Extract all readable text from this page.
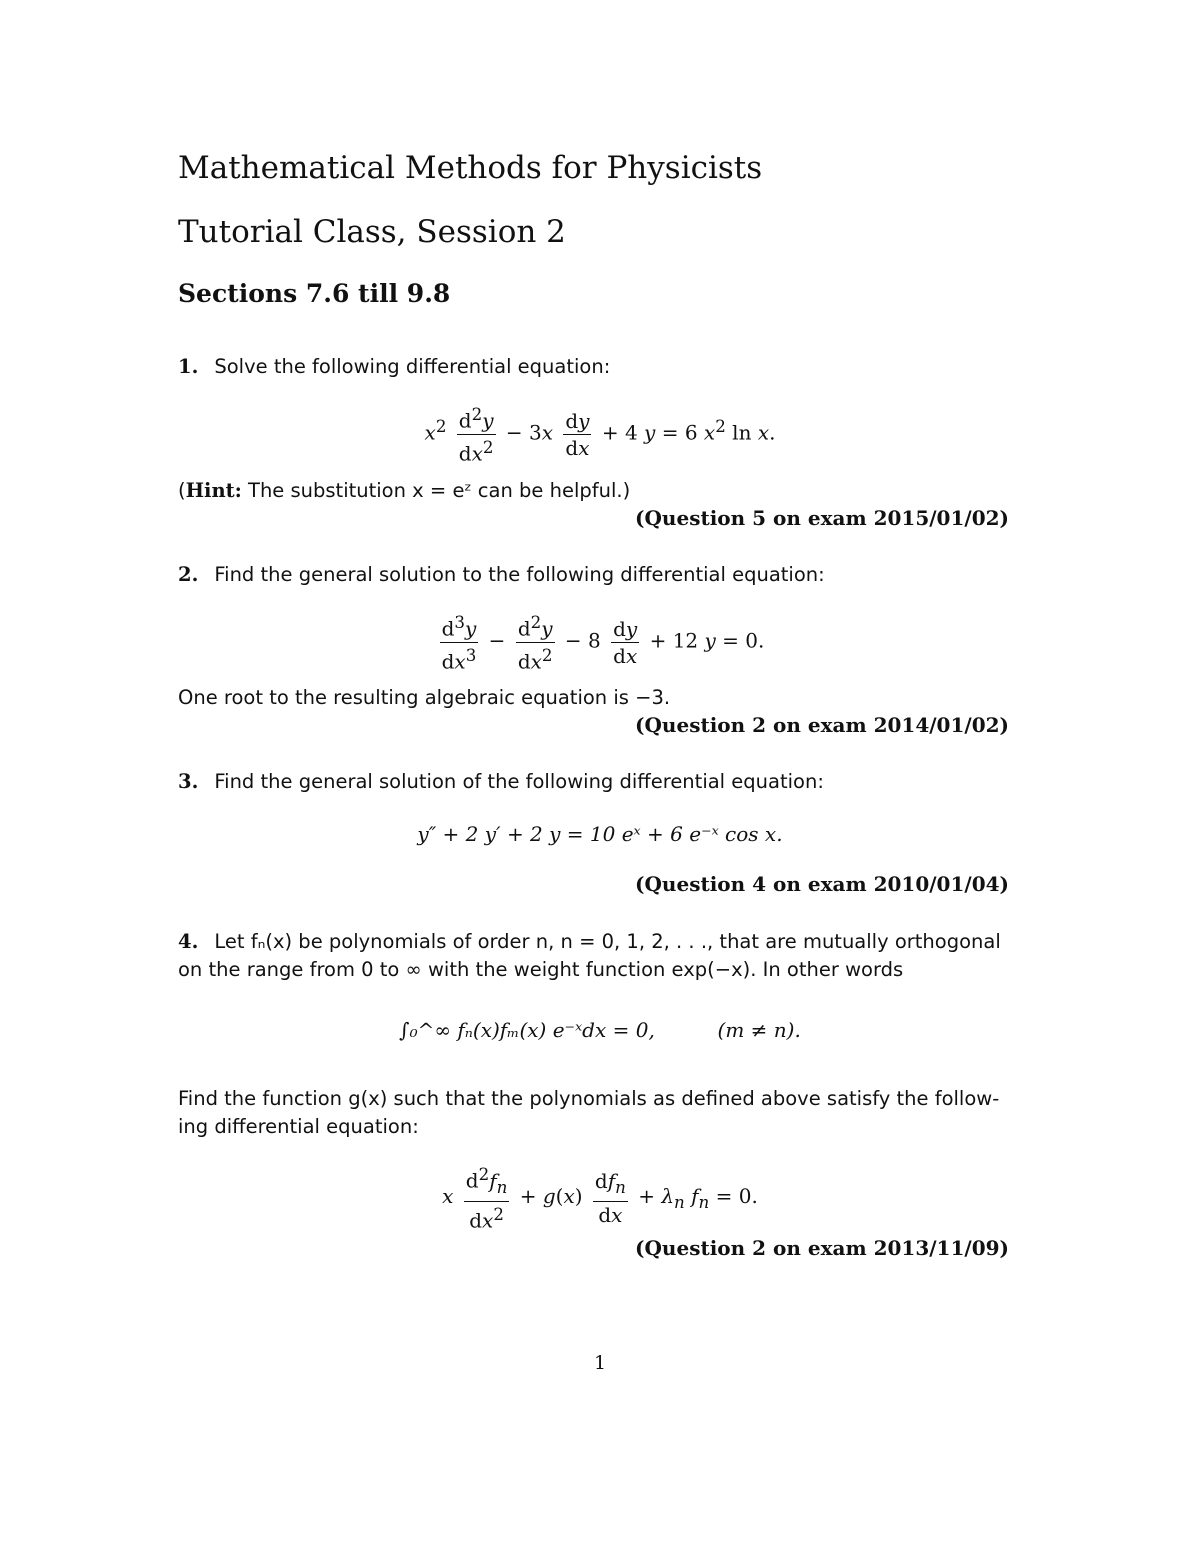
Mathematical Methods for Physicists
Tutorial Class, Session 2
Sections 7.6 till 9.8
1. Solve the following differential equation:
$x^2 \frac{d^2y}{dx^2} - 3x \frac{dy}{dx} + 4$ y = 6 $x^2$ ln x.
(Hint: The substitution x = eᶻ can be helpful.)
(Question 5 on exam 2015/01/02)
2. Find the general solution to the following differential equation:
$\frac{d^3y}{dx^3} - \frac{d^2y}{dx^2} - 8 \frac{dy}{dx} + 12$ y = 0.
One root to the resulting algebraic equation is −3.
(Question 2 on exam 2014/01/02)
3. Find the general solution of the following differential equation:
y″ + 2 y′ + 2 y = 10 eˣ + 6 e⁻ˣ cos x.
(Question 4 on exam 2010/01/04)
4. Let fₙ(x) be polynomials of order n, n = 0, 1, 2, . . ., that are mutually orthogonal
on the range from 0 to ∞ with the weight function exp(−x). In other words
∫₀^∞ fₙ(x)fₘ(x) e⁻ˣdx = 0,	(m ≠ n).
Find the function g(x) such that the polynomials as defined above satisfy the follow-
ing differential equation:
x $\frac{d^2f_n}{dx^2} + g(x) \frac{df_n}{dx} + \lambda_n$ $f_n = 0$.
(Question 2 on exam 2013/11/09)
1
